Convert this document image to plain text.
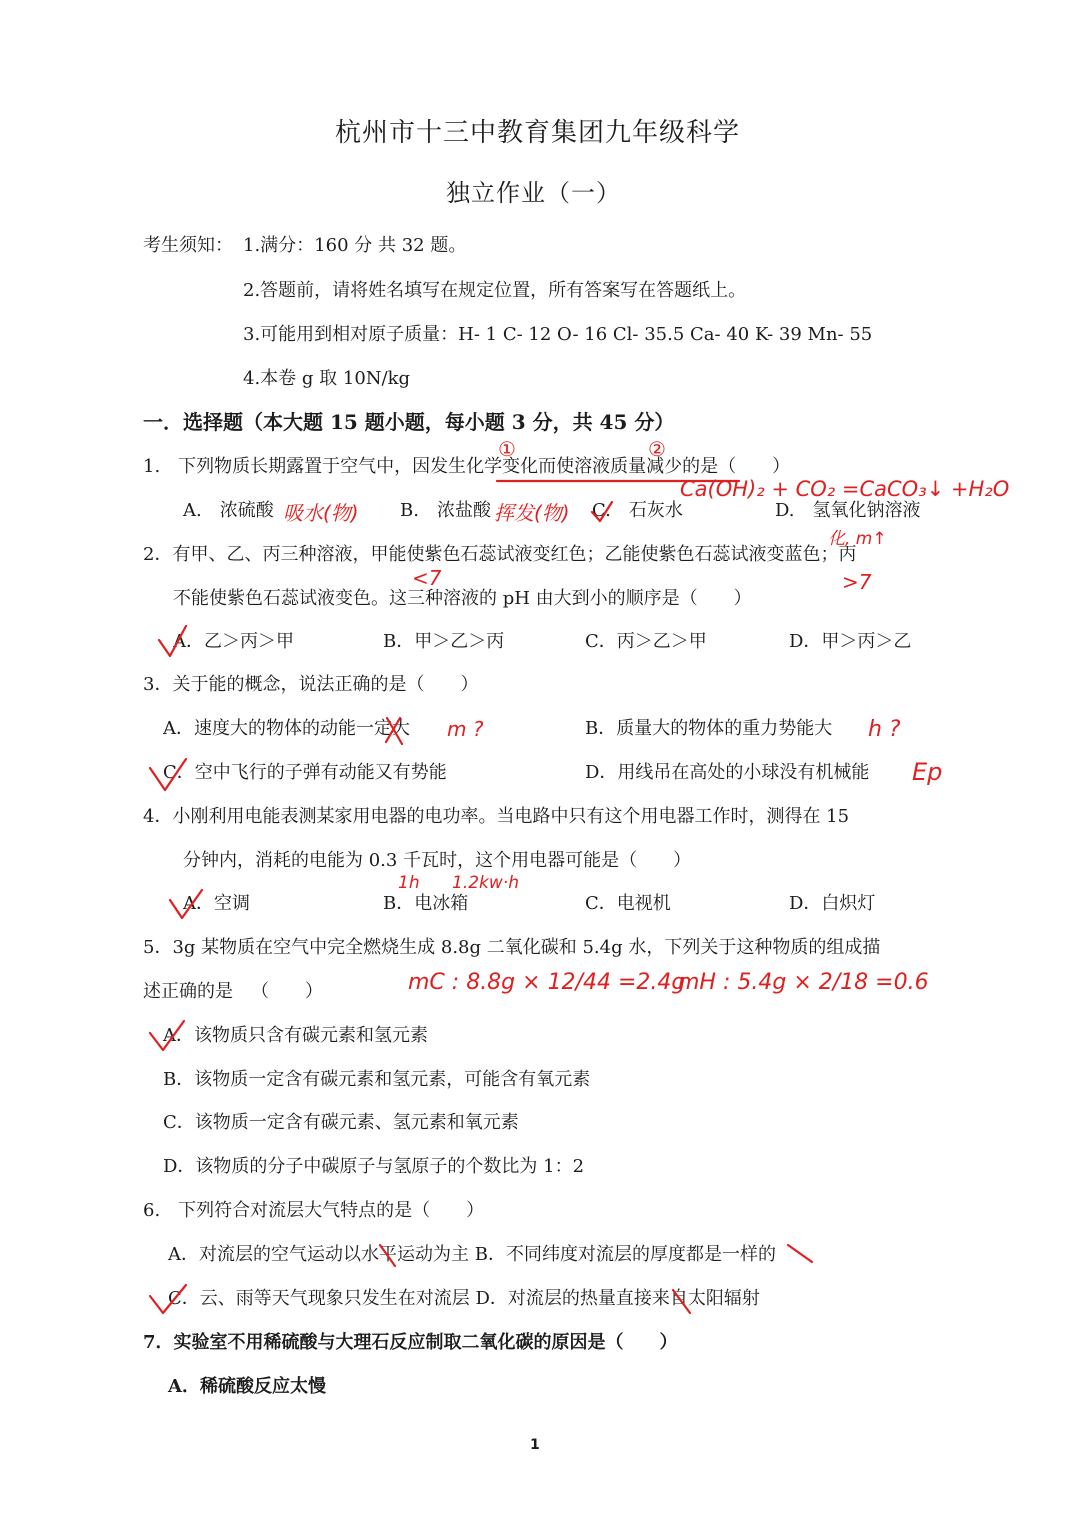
杭州市十三中教育集团九年级科学
独立作业（一）
考生须知： 1.满分：160 分 共 32 题。
2.答题前，请将姓名填写在规定位置，所有答案写在答题纸上。
3.可能用到相对原子质量：H- 1 C- 12 O- 16 Cl- 35.5 Ca- 40 K- 39 Mn- 55
4.本卷 g 取 10N/kg
一．选择题（本大题 15 题小题，每小题 3 分，共 45 分）
1. 下列物质长期露置于空气中，因发生化学变化而使溶液质量减少的是（  ）
A. 浓硫酸	B. 浓盐酸	C. 石灰水	D. 氢氧化钠溶液
2．有甲、乙、丙三种溶液，甲能使紫色石蕊试液变红色；乙能使紫色石蕊试液变蓝色；丙
不能使紫色石蕊试液变色。这三种溶液的 pH 由大到小的顺序是（  ）
A．乙＞丙＞甲	B．甲＞乙＞丙	C．丙＞乙＞甲	D．甲＞丙＞乙
3．关于能的概念，说法正确的是（  ）
A．速度大的物体的动能一定大	B．质量大的物体的重力势能大
C．空中飞行的子弹有动能又有势能	D．用线吊在高处的小球没有机械能
4．小刚利用电能表测某家用电器的电功率。当电路中只有这个用电器工作时，测得在 15
分钟内，消耗的电能为 0.3 千瓦时，这个用电器可能是（  ）
A．空调	B．电冰箱	C．电视机	D．白炽灯
5．3g 某物质在空气中完全燃烧生成 8.8g 二氧化碳和 5.4g 水，下列关于这种物质的组成描
述正确的是 （  ）
A．该物质只含有碳元素和氢元素
B．该物质一定含有碳元素和氢元素，可能含有氧元素
C．该物质一定含有碳元素、氢元素和氧元素
D．该物质的分子中碳原子与氢原子的个数比为 1：2
6. 下列符合对流层大气特点的是（  ）
A．对流层的空气运动以水平运动为主 B．不同纬度对流层的厚度都是一样的
C．云、雨等天气现象只发生在对流层 D．对流层的热量直接来自太阳辐射
7．实验室不用稀硫酸与大理石反应制取二氧化碳的原因是（  ）
A．稀硫酸反应太慢
①	②
吸水(物)	挥发(物)
Ca(OH)₂ + CO₂ =CaCO₃↓ +H₂O
化, m↑
<7	>7
m ?	h ?
Ep
1h 1.2kw·h
mC : 8.8g × 12/44 =2.4g
mH : 5.4g × 2/18 =0.6
1
